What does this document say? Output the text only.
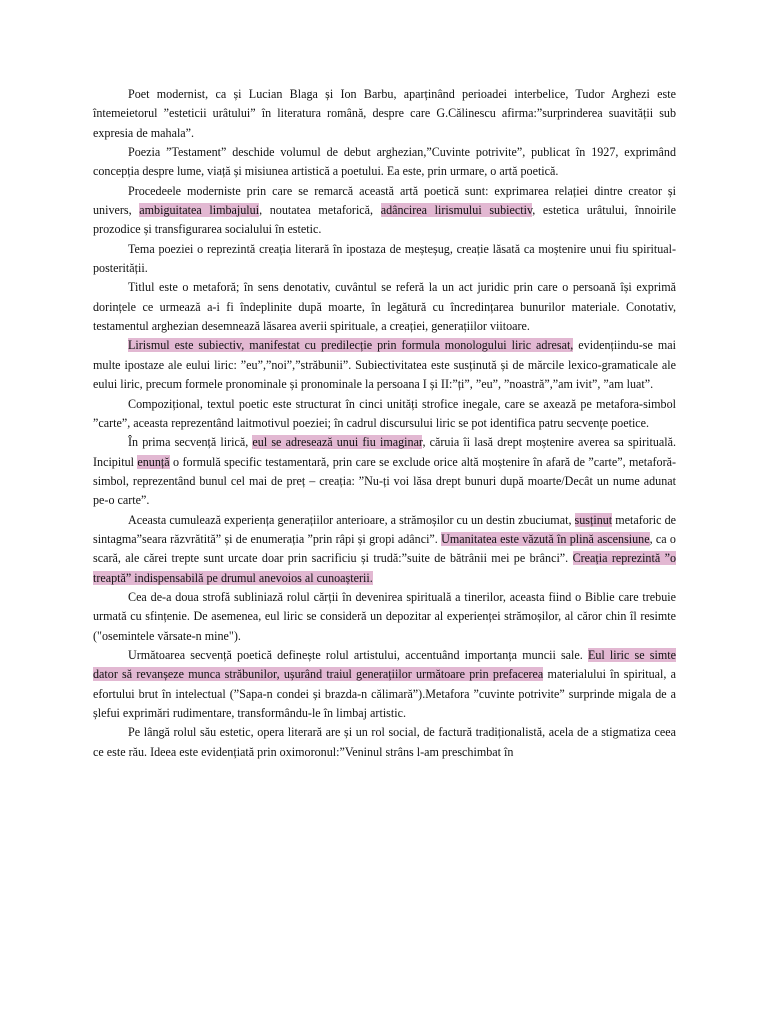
Poet modernist, ca și Lucian Blaga și Ion Barbu, aparținând perioadei interbelice, Tudor Arghezi este întemeietorul ”esteticii urâtului” în literatura română, despre care G.Călinescu afirma:”surprinderea suavității sub expresia de mahala”.

Poezia ”Testament” deschide volumul de debut arghezian,”Cuvinte potrivite”, publicat în 1927, exprimând concepția despre lume, viață și misiunea artistică a poetului. Ea este, prin urmare, o artă poetică.

Procedeele moderniste prin care se remarcă această artă poetică sunt: exprimarea relației dintre creator și univers, ambiguitatea limbajului, noutatea metaforică, adâncirea lirismului subiectiv, estetica urâtului, înnoirile prozodice și transfigurarea socialului în estetic.

Tema poeziei o reprezintă creația literară în ipostaza de meșteșug, creație lăsată ca moștenire unui fiu spiritual-posterității.

Titlul este o metaforă; în sens denotativ, cuvântul se referă la un act juridic prin care o persoană își exprimă dorințele ce urmează a-i fi îndeplinite după moarte, în legătură cu încredințarea bunurilor materiale. Conotativ, testamentul arghezian desemnează lăsarea averii spirituale, a creației, generațiilor viitoare.

Lirismul este subiectiv, manifestat cu predilecție prin formula monologului liric adresat, evidențiindu-se mai multe ipostaze ale eului liric: ”eu”,”noi”,”străbunii”. Subiectivitatea este susținută și de mărcile lexico-gramaticale ale eului liric, precum formele pronominale și pronominale la persoana I și II:”ți”, ”eu”, ”noastră”,”am ivit”, ”am luat”.

Compozițional, textul poetic este structurat în cinci unități strofice inegale, care se axează pe metafora-simbol ”carte”, aceasta reprezentând laitmotivul poeziei; în cadrul discursului liric se pot identifica patru secvențe poetice.

În prima secvență lirică, eul se adresează unui fiu imaginar, căruia îi lasă drept moștenire averea sa spirituală. Incipitul enunță o formulă specific testamentară, prin care se exclude orice altă moștenire în afară de ”carte”, metaforă-simbol, reprezentând bunul cel mai de preț – creația: ”Nu-ți voi lăsa drept bunuri după moarte/Decât un nume adunat pe-o carte”.

Aceasta cumulează experiența generațiilor anterioare, a strămoșilor cu un destin zbuciumat, susținut metaforic de sintagma”seara răzvrătită” și de enumerația ”prin râpi și gropi adânci”. Umanitatea este văzută în plină ascensiune, ca o scară, ale cărei trepte sunt urcate doar prin sacrificiu și trudă:”suite de bătrânii mei pe brânci”. Creația reprezintă ”o treaptă” indispensabilă pe drumul anevoios al cunoașterii.

Cea de-a doua strofă subliniază rolul cărții în devenirea spirituală a tinerilor, aceasta fiind o Biblie care trebuie urmată cu sfințenie. De asemenea, eul liric se consideră un depozitar al experienței strămoșilor, al căror chin îl resimte ("osemintele vărsate-n mine").

Următoarea secvență poetică definește rolul artistului, accentuând importanța muncii sale. Eul liric se simte dator să revanșeze munca străbunilor, ușurând traiul generațiilor următoare prin prefacerea materialului în spiritual, a efortului brut în intelectual (”Sapa-n condei și brazda-n călimară”).Metafora ”cuvinte potrivite” surprinde migala de a șlefui exprimări rudimentare, transformându-le în limbaj artistic.

Pe lângă rolul său estetic, opera literară are și un rol social, de factură tradiționalistă, acela de a stigmatiza ceea ce este rău. Ideea este evidențiată prin oximoronul:”Veninul strâns l-am preschimbat în
